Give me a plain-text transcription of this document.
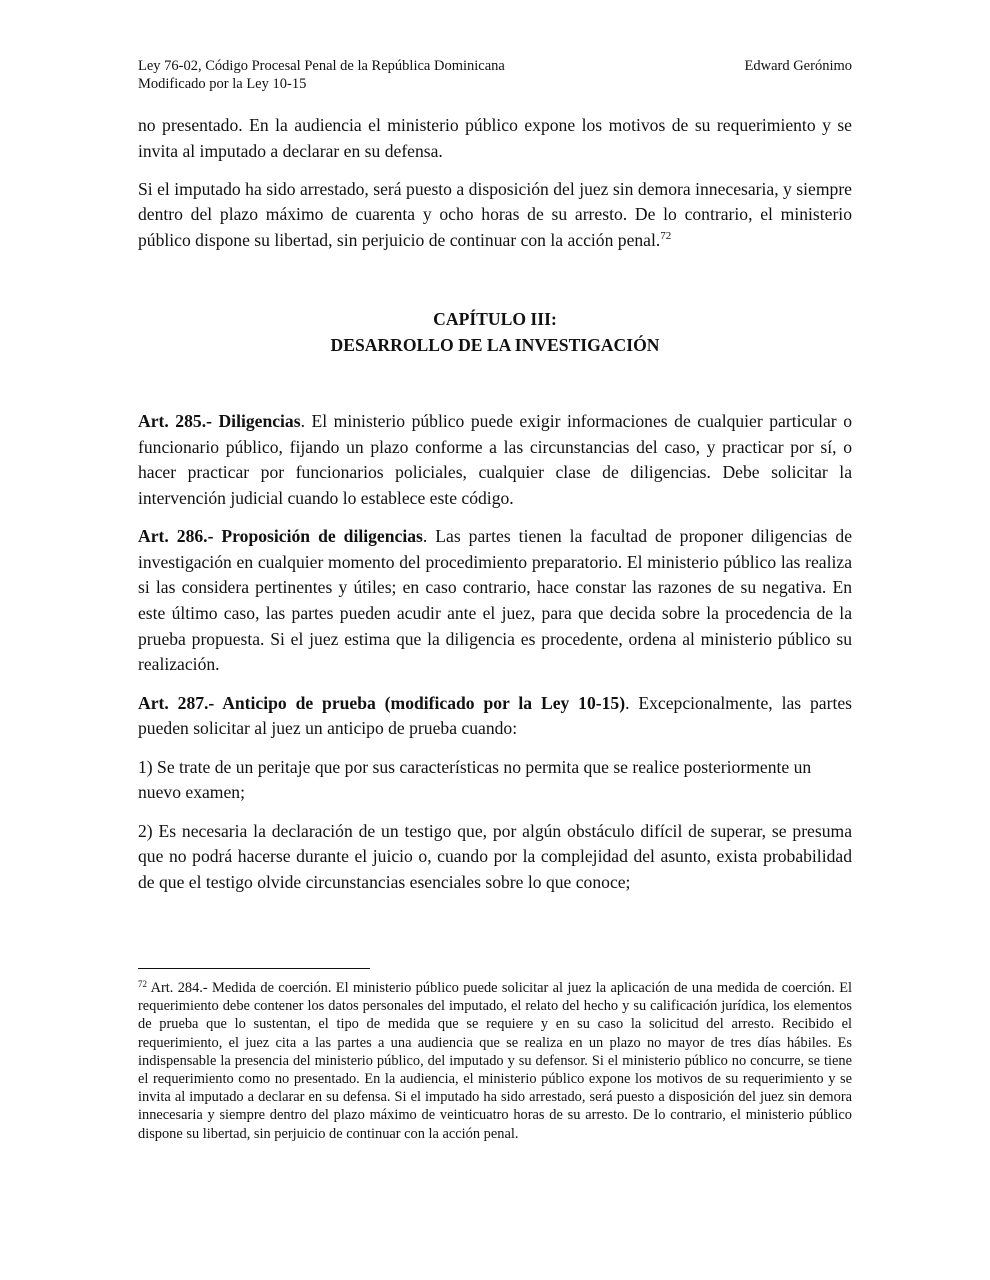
Ley 76-02, Código Procesal Penal de la República Dominicana
Modificado por la Ley 10-15
Edward Gerónimo

no presentado. En la audiencia el ministerio público expone los motivos de su requerimiento y se invita al imputado a declarar en su defensa.

Si el imputado ha sido arrestado, será puesto a disposición del juez sin demora innecesaria, y siempre dentro del plazo máximo de cuarenta y ocho horas de su arresto. De lo contrario, el ministerio público dispone su libertad, sin perjuicio de continuar con la acción penal.$^{72}$

CAPÍTULO III:
DESARROLLO DE LA INVESTIGACIÓN

Art. 285.- Diligencias. El ministerio público puede exigir informaciones de cualquier particular o funcionario público, fijando un plazo conforme a las circunstancias del caso, y practicar por sí, o hacer practicar por funcionarios policiales, cualquier clase de diligencias. Debe solicitar la intervención judicial cuando lo establece este código.

Art. 286.- Proposición de diligencias. Las partes tienen la facultad de proponer diligencias de investigación en cualquier momento del procedimiento preparatorio. El ministerio público las realiza si las considera pertinentes y útiles; en caso contrario, hace constar las razones de su negativa. En este último caso, las partes pueden acudir ante el juez, para que decida sobre la procedencia de la prueba propuesta. Si el juez estima que la diligencia es procedente, ordena al ministerio público su realización.

Art. 287.- Anticipo de prueba (modificado por la Ley 10-15). Excepcionalmente, las partes pueden solicitar al juez un anticipo de prueba cuando:

1) Se trate de un peritaje que por sus características no permita que se realice posteriormente un nuevo examen;

2) Es necesaria la declaración de un testigo que, por algún obstáculo difícil de superar, se presuma que no podrá hacerse durante el juicio o, cuando por la complejidad del asunto, exista probabilidad de que el testigo olvide circunstancias esenciales sobre lo que conoce;

$^{72}$ Art. 284.- Medida de coerción. El ministerio público puede solicitar al juez la aplicación de una medida de coerción. El requerimiento debe contener los datos personales del imputado, el relato del hecho y su calificación jurídica, los elementos de prueba que lo sustentan, el tipo de medida que se requiere y en su caso la solicitud del arresto. Recibido el requerimiento, el juez cita a las partes a una audiencia que se realiza en un plazo no mayor de tres días hábiles. Es indispensable la presencia del ministerio público, del imputado y su defensor. Si el ministerio público no concurre, se tiene el requerimiento como no presentado. En la audiencia, el ministerio público expone los motivos de su requerimiento y se invita al imputado a declarar en su defensa. Si el imputado ha sido arrestado, será puesto a disposición del juez sin demora innecesaria y siempre dentro del plazo máximo de veinticuatro horas de su arresto. De lo contrario, el ministerio público dispone su libertad, sin perjuicio de continuar con la acción penal.
